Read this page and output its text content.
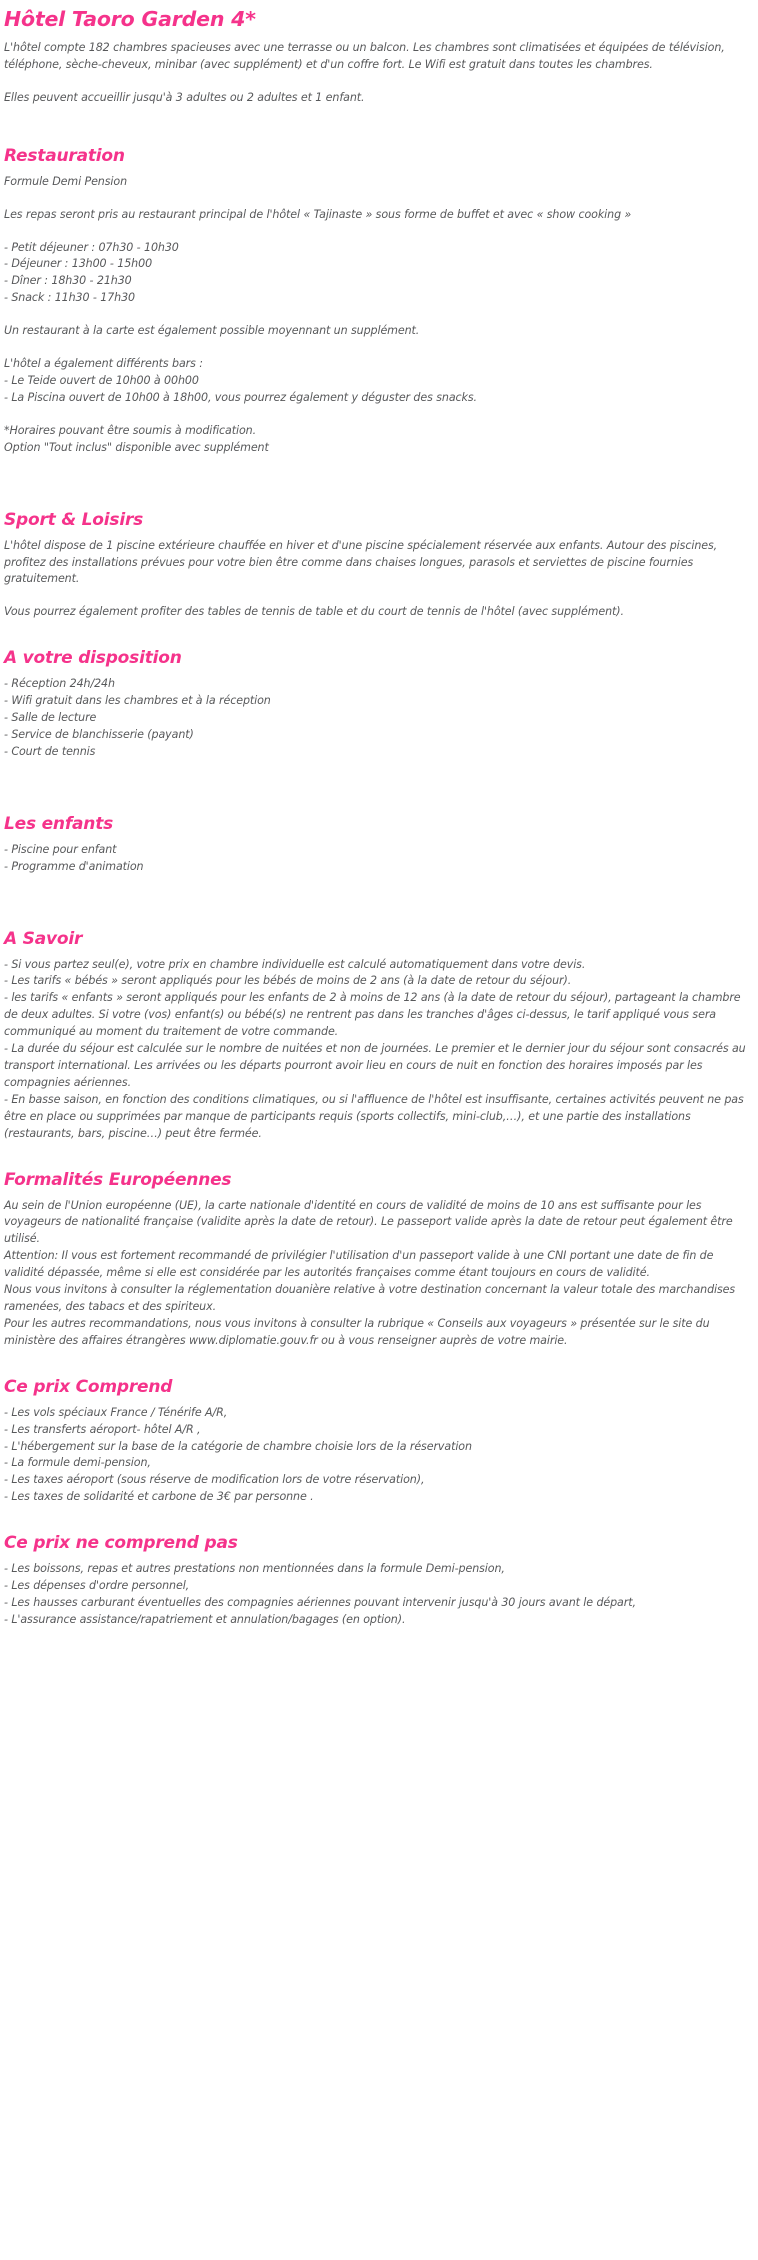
Hôtel Taoro Garden 4*

L'hôtel compte 182 chambres spacieuses avec une terrasse ou un balcon. Les chambres sont climatisées et équipées de télévision, téléphone, sèche-cheveux, minibar (avec supplément) et d'un coffre fort. Le Wifi est gratuit dans toutes les chambres.

Elles peuvent accueillir jusqu'à 3 adultes ou 2 adultes et 1 enfant.

Restauration

Formule Demi Pension

Les repas seront pris au restaurant principal de l'hôtel « Tajinaste » sous forme de buffet et avec « show cooking »

- Petit déjeuner : 07h30 - 10h30

- Déjeuner : 13h00 - 15h00

- Dîner : 18h30 - 21h30

- Snack : 11h30 - 17h30

Un restaurant à la carte est également possible moyennant un supplément.

L'hôtel a également différents bars :

- Le Teide ouvert de 10h00 à 00h00

- La Piscina ouvert de 10h00 à 18h00, vous pourrez également y déguster des snacks.

*Horaires pouvant être soumis à modification.

Option "Tout inclus" disponible avec supplément

Sport & Loisirs

L'hôtel dispose de 1 piscine extérieure chauffée en hiver et d'une piscine spécialement réservée aux enfants. Autour des piscines, profitez des installations prévues pour votre bien être comme dans chaises longues, parasols et serviettes de piscine fournies gratuitement.

Vous pourrez également profiter des tables de tennis de table et du court de tennis de l'hôtel (avec supplément).

A votre disposition

- Réception 24h/24h

- Wifi gratuit dans les chambres et à la réception

- Salle de lecture

- Service de blanchisserie (payant)

- Court de tennis

Les enfants

- Piscine pour enfant

- Programme d'animation

A Savoir

- Si vous partez seul(e), votre prix en chambre individuelle est calculé automatiquement dans votre devis.

- Les tarifs « bébés » seront appliqués pour les bébés de moins de 2 ans (à la date de retour du séjour).

- les tarifs « enfants » seront appliqués pour les enfants de 2 à moins de 12 ans (à la date de retour du séjour), partageant la chambre de deux adultes. Si votre (vos) enfant(s) ou bébé(s) ne rentrent pas dans les tranches d'âges ci-dessus, le tarif appliqué vous sera communiqué au moment du traitement de votre commande.

- La durée du séjour est calculée sur le nombre de nuitées et non de journées. Le premier et le dernier jour du séjour sont consacrés au transport international. Les arrivées ou les départs pourront avoir lieu en cours de nuit en fonction des horaires imposés par les compagnies aériennes.

- En basse saison, en fonction des conditions climatiques, ou si l'affluence de l'hôtel est insuffisante, certaines activités peuvent ne pas être en place ou supprimées par manque de participants requis (sports collectifs, mini-club,…), et une partie des installations (restaurants, bars, piscine…) peut être fermée.

Formalités Européennes

Au sein de l'Union européenne (UE), la carte nationale d'identité en cours de validité de moins de 10 ans est suffisante pour les voyageurs de nationalité française (validite après la date de retour). Le passeport valide après la date de retour peut également être utilisé.

Attention: Il vous est fortement recommandé de privilégier l'utilisation d'un passeport valide à une CNI portant une date de fin de validité dépassée, même si elle est considérée par les autorités françaises comme étant toujours en cours de validité.

Nous vous invitons à consulter la réglementation douanière relative à votre destination concernant la valeur totale des marchandises ramenées, des tabacs et des spiriteux.

Pour les autres recommandations, nous vous invitons à consulter la rubrique « Conseils aux voyageurs » présentée sur le site du ministère des affaires étrangères www.diplomatie.gouv.fr ou à vous renseigner auprès de votre mairie.

Ce prix Comprend

- Les vols spéciaux France / Ténérife A/R,

- Les transferts aéroport- hôtel A/R ,

- L'hébergement sur la base de la catégorie de chambre choisie lors de la réservation

- La formule demi-pension,

- Les taxes aéroport (sous réserve de modification lors de votre réservation),

- Les taxes de solidarité et carbone de 3€ par personne .

Ce prix ne comprend pas

- Les boissons, repas et autres prestations non mentionnées dans la formule Demi-pension,

- Les dépenses d'ordre personnel,

- Les hausses carburant éventuelles des compagnies aériennes pouvant intervenir jusqu'à 30 jours avant le départ,

- L'assurance assistance/rapatriement et annulation/bagages (en option).
